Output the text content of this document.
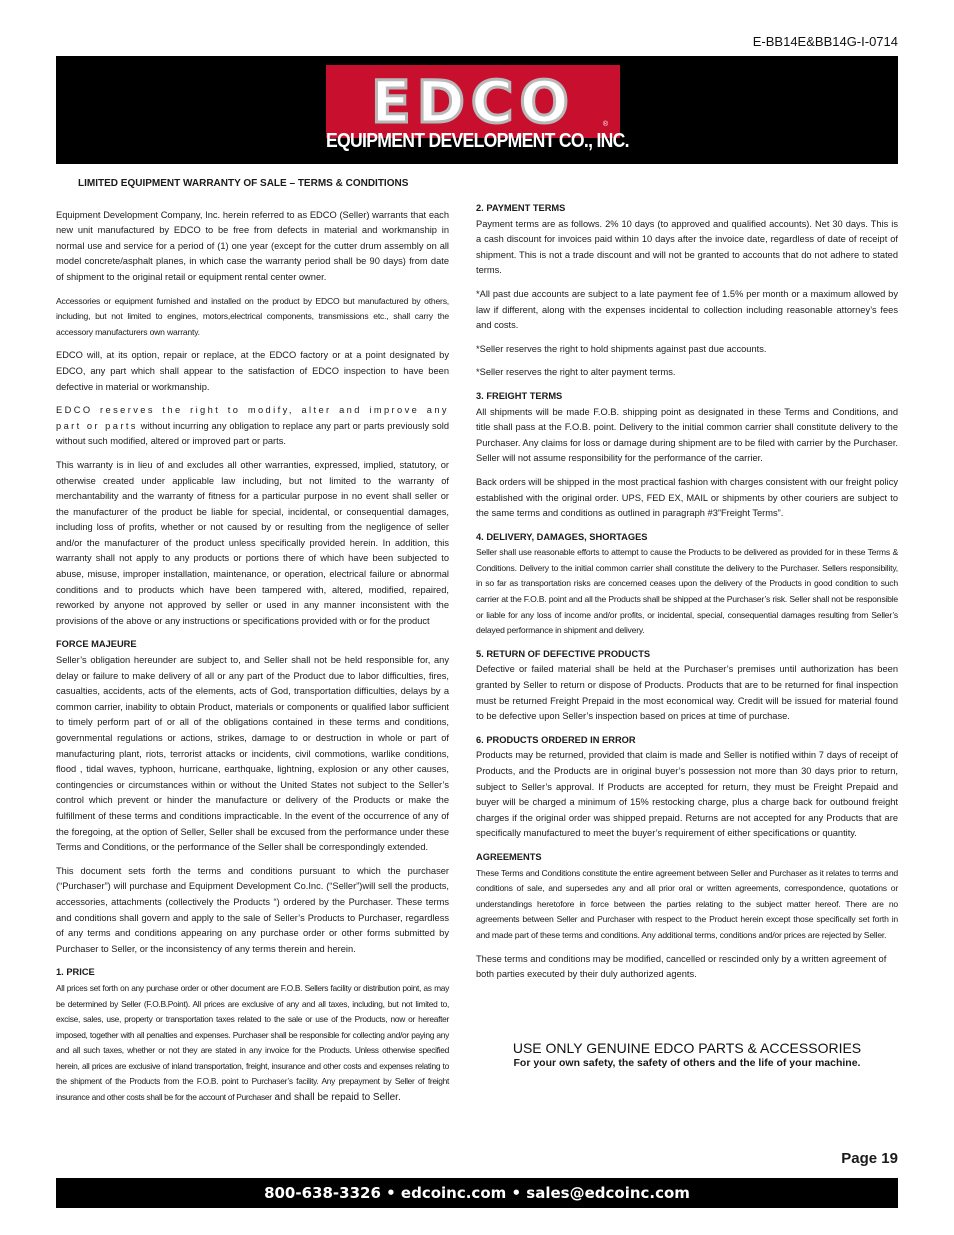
E-BB14E&BB14G-I-0714
EDCO	®
EQUIPMENT DEVELOPMENT CO., INC.
LIMITED EQUIPMENT WARRANTY OF SALE – TERMS & CONDITIONS

Equipment Development Company, Inc. herein referred to as EDCO (Seller) warrants that each new unit manufactured by EDCO to be free from defects in material and workmanship in normal use and service for a period of (1) one year (except for the cutter drum assembly on all model concrete/asphalt planes, in which case the warranty period shall be 90 days) from date of shipment to the original retail or equipment rental center owner.

Accessories or equipment furnished and installed on the product by EDCO but manufactured by others, including, but not limited to engines, motors,electrical components, transmissions etc., shall carry the accessory manufacturers own warranty.

EDCO will, at its option, repair or replace, at the EDCO factory or at a point designated by EDCO, any part which shall appear to the satisfaction of EDCO inspection to have been defective in material or workmanship.

EDCO reserves the right to modify, alter and improve any part or parts without incurring any obligation to replace any part or parts previously sold without such modified, altered or improved part or parts.

This warranty is in lieu of and excludes all other warranties, expressed, implied, statutory, or otherwise created under applicable law including, but not limited to the warranty of merchantability and the warranty of fitness for a particular purpose in no event shall seller or the manufacturer of the product be liable for special, incidental, or consequential damages, including loss of profits, whether or not caused by or resulting from the negligence of seller and/or the manufacturer of the product unless specifically provided herein. In addition, this warranty shall not apply to any products or portions there of which have been subjected to abuse, misuse, improper installation, maintenance, or operation, electrical failure or abnormal conditions and to products which have been tampered with, altered, modified, repaired, reworked by anyone not approved by seller or used in any manner inconsistent with the provisions of the above or any instructions or specifications provided with or for the product

FORCE MAJEURE

Seller’s obligation hereunder are subject to, and Seller shall not be held responsible for, any delay or failure to make delivery of all or any part of the Product due to labor difficulties, fires, casualties, accidents, acts of the elements, acts of God, transportation difficulties, delays by a common carrier, inability to obtain Product, materials or components or qualified labor sufficient to timely perform part of or all of the obligations contained in these terms and conditions, governmental regulations or actions, strikes, damage to or destruction in whole or part of manufacturing plant, riots, terrorist attacks or incidents, civil commotions, warlike conditions, flood , tidal waves, typhoon, hurricane, earthquake, lightning, explosion or any other causes, contingencies or circumstances within or without the United States not subject to the Seller’s control which prevent or hinder the manufacture or delivery of the Products or make the fulfillment of these terms and conditions impracticable. In the event of the occurrence of any of the foregoing, at the option of Seller, Seller shall be excused from the performance under these Terms and Conditions, or the performance of the Seller shall be correspondingly extended.

This document sets forth the terms and conditions pursuant to which the purchaser (“Purchaser”) will purchase and Equipment Development Co.Inc. (“Seller”)will sell the products, accessories, attachments (collectively the Products “) ordered by the Purchaser. These terms and conditions shall govern and apply to the sale of Seller’s Products to Purchaser, regardless of any terms and conditions appearing on any purchase order or other forms submitted by Purchaser to Seller, or the inconsistency of any terms therein and herein.

1. PRICE

All prices set forth on any purchase order or other document are F.O.B. Sellers facility or distribution point, as may be determined by Seller (F.O.B.Point). All prices are exclusive of any and all taxes, including, but not limited to, excise, sales, use, property or transportation taxes related to the sale or use of the Products, now or hereafter imposed, together with all penalties and expenses. Purchaser shall be responsible for collecting and/or paying any and all such taxes, whether or not they are stated in any invoice for the Products. Unless otherwise specified herein, all prices are exclusive of inland transportation, freight, insurance and other costs and expenses relating to the shipment of the Products from the F.O.B. point to Purchaser’s facility. Any prepayment by Seller of freight insurance and other costs shall be for the account of Purchaser and shall be repaid to Seller.

2. PAYMENT TERMS

Payment terms are as follows. 2% 10 days (to approved and qualified accounts). Net 30 days. This is a cash discount for invoices paid within 10 days after the invoice date, regardless of date of receipt of shipment. This is not a trade discount and will not be granted to accounts that do not adhere to stated terms.

*All past due accounts are subject to a late payment fee of 1.5% per month or a maximum allowed by law if different, along with the expenses incidental to collection including reasonable attorney’s fees and costs.

*Seller reserves the right to hold shipments against past due accounts.

*Seller reserves the right to alter payment terms.

3. FREIGHT TERMS

All shipments will be made F.O.B. shipping point as designated in these Terms and Conditions, and title shall pass at the F.O.B. point. Delivery to the initial common carrier shall constitute delivery to the Purchaser. Any claims for loss or damage during shipment are to be filed with carrier by the Purchaser. Seller will not assume responsibility for the performance of the carrier.

Back orders will be shipped in the most practical fashion with charges consistent with our freight policy established with the original order. UPS, FED EX, MAIL or shipments by other couriers are subject to the same terms and conditions as outlined in paragraph #3”Freight Terms”.

4. DELIVERY, DAMAGES, SHORTAGES

Seller shall use reasonable efforts to attempt to cause the Products to be delivered as provided for in these Terms & Conditions. Delivery to the initial common carrier shall constitute the delivery to the Purchaser. Sellers responsibility, in so far as transportation risks are concerned ceases upon the delivery of the Products in good condition to such carrier at the F.O.B. point and all the Products shall be shipped at the Purchaser’s risk. Seller shall not be responsible or liable for any loss of income and/or profits, or incidental, special, consequential damages resulting from Seller’s delayed performance in shipment and delivery.

5. RETURN OF DEFECTIVE PRODUCTS

Defective or failed material shall be held at the Purchaser’s premises until authorization has been granted by Seller to return or dispose of Products. Products that are to be returned for final inspection must be returned Freight Prepaid in the most economical way. Credit will be issued for material found to be defective upon Seller’s inspection based on prices at time of purchase.

6. PRODUCTS ORDERED IN ERROR

Products may be returned, provided that claim is made and Seller is notified within 7 days of receipt of Products, and the Products are in original buyer’s possession not more than 30 days prior to return, subject to Seller’s approval. If Products are accepted for return, they must be Freight Prepaid and buyer will be charged a minimum of 15% restocking charge, plus a charge back for outbound freight charges if the original order was shipped prepaid. Returns are not accepted for any Products that are specifically manufactured to meet the buyer’s requirement of either specifications or quantity.

AGREEMENTS

These Terms and Conditions constitute the entire agreement between Seller and Purchaser as it relates to terms and conditions of sale, and supersedes any and all prior oral or written agreements, correspondence, quotations or understandings heretofore in force between the parties relating to the subject matter hereof. There are no agreements between Seller and Purchaser with respect to the Product herein except those specifically set forth in and made part of these terms and conditions. Any additional terms, conditions and/or prices are rejected by Seller.

These terms and conditions may be modified, cancelled or rescinded only by a written agreement of both parties executed by their duly authorized agents.

USE ONLY GENUINE EDCO PARTS & ACCESSORIES
For your own safety, the safety of others and the life of your machine.
Page 19
800-638-3326 • edcoinc.com • sales@edcoinc.com
